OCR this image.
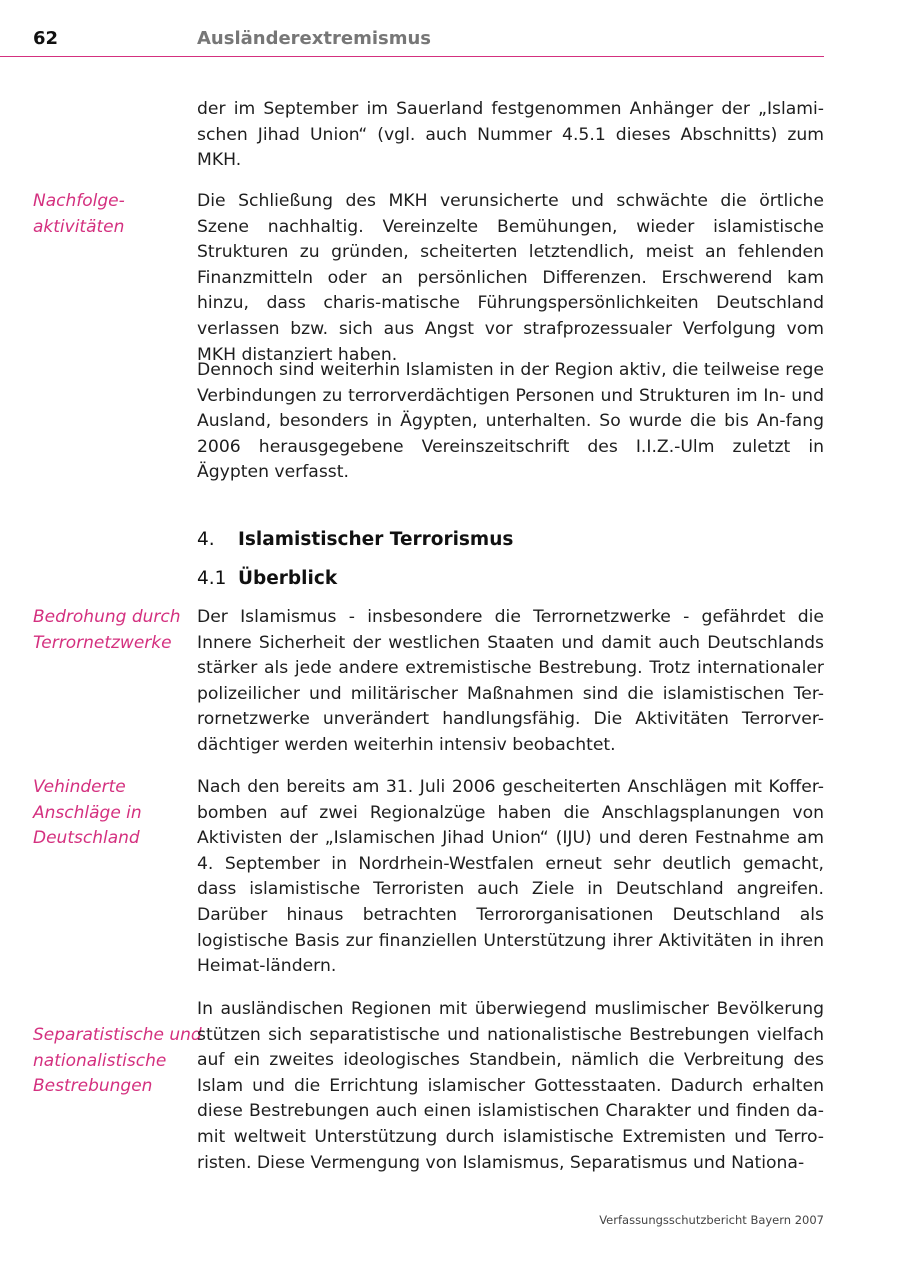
62	Ausländerextremismus

der im September im Sauerland festgenommen Anhänger der „Islami-schen Jihad Union“ (vgl. auch Nummer 4.5.1 dieses Abschnitts) zum MKH.

Nachfolge-
aktivitäten

Die Schließung des MKH verunsicherte und schwächte die örtliche Szene nachhaltig. Vereinzelte Bemühungen, wieder islamistische Strukturen zu gründen, scheiterten letztendlich, meist an fehlenden Finanzmitteln oder an persönlichen Differenzen. Erschwerend kam hinzu, dass charis-matische Führungspersönlichkeiten Deutschland verlassen bzw. sich aus Angst vor strafprozessualer Verfolgung vom MKH distanziert haben.

Dennoch sind weiterhin Islamisten in der Region aktiv, die teilweise rege Verbindungen zu terrorverdächtigen Personen und Strukturen im In- und Ausland, besonders in Ägypten, unterhalten. So wurde die bis An-fang 2006 herausgegebene Vereinszeitschrift des I.I.Z.-Ulm zuletzt in Ägypten verfasst.

4. Islamistischer Terrorismus
4.1 Überblick
Bedrohung durch
Terrornetzwerke

Der Islamismus - insbesondere die Terrornetzwerke - gefährdet die Innere Sicherheit der westlichen Staaten und damit auch Deutschlands stärker als jede andere extremistische Bestrebung. Trotz internationaler polizeilicher und militärischer Maßnahmen sind die islamistischen Ter-rornetzwerke unverändert handlungsfähig. Die Aktivitäten Terrorver-dächtiger werden weiterhin intensiv beobachtet.

Vehinderte
Anschläge in
Deutschland

Nach den bereits am 31. Juli 2006 gescheiterten Anschlägen mit Koffer-bomben auf zwei Regionalzüge haben die Anschlagsplanungen von Aktivisten der „Islamischen Jihad Union“ (IJU) und deren Festnahme am 4. September in Nordrhein-Westfalen erneut sehr deutlich gemacht, dass islamistische Terroristen auch Ziele in Deutschland angreifen. Darüber hinaus betrachten Terrororganisationen Deutschland als logistische Basis zur finanziellen Unterstützung ihrer Aktivitäten in ihren Heimat-ländern.

Separatistische und
nationalistische
Bestrebungen

In ausländischen Regionen mit überwiegend muslimischer Bevölkerung stützen sich separatistische und nationalistische Bestrebungen vielfach auf ein zweites ideologisches Standbein, nämlich die Verbreitung des Islam und die Errichtung islamischer Gottesstaaten. Dadurch erhalten diese Bestrebungen auch einen islamistischen Charakter und finden da-mit weltweit Unterstützung durch islamistische Extremisten und Terro-risten. Diese Vermengung von Islamismus, Separatismus und Nationa-

Verfassungsschutzbericht Bayern 2007
